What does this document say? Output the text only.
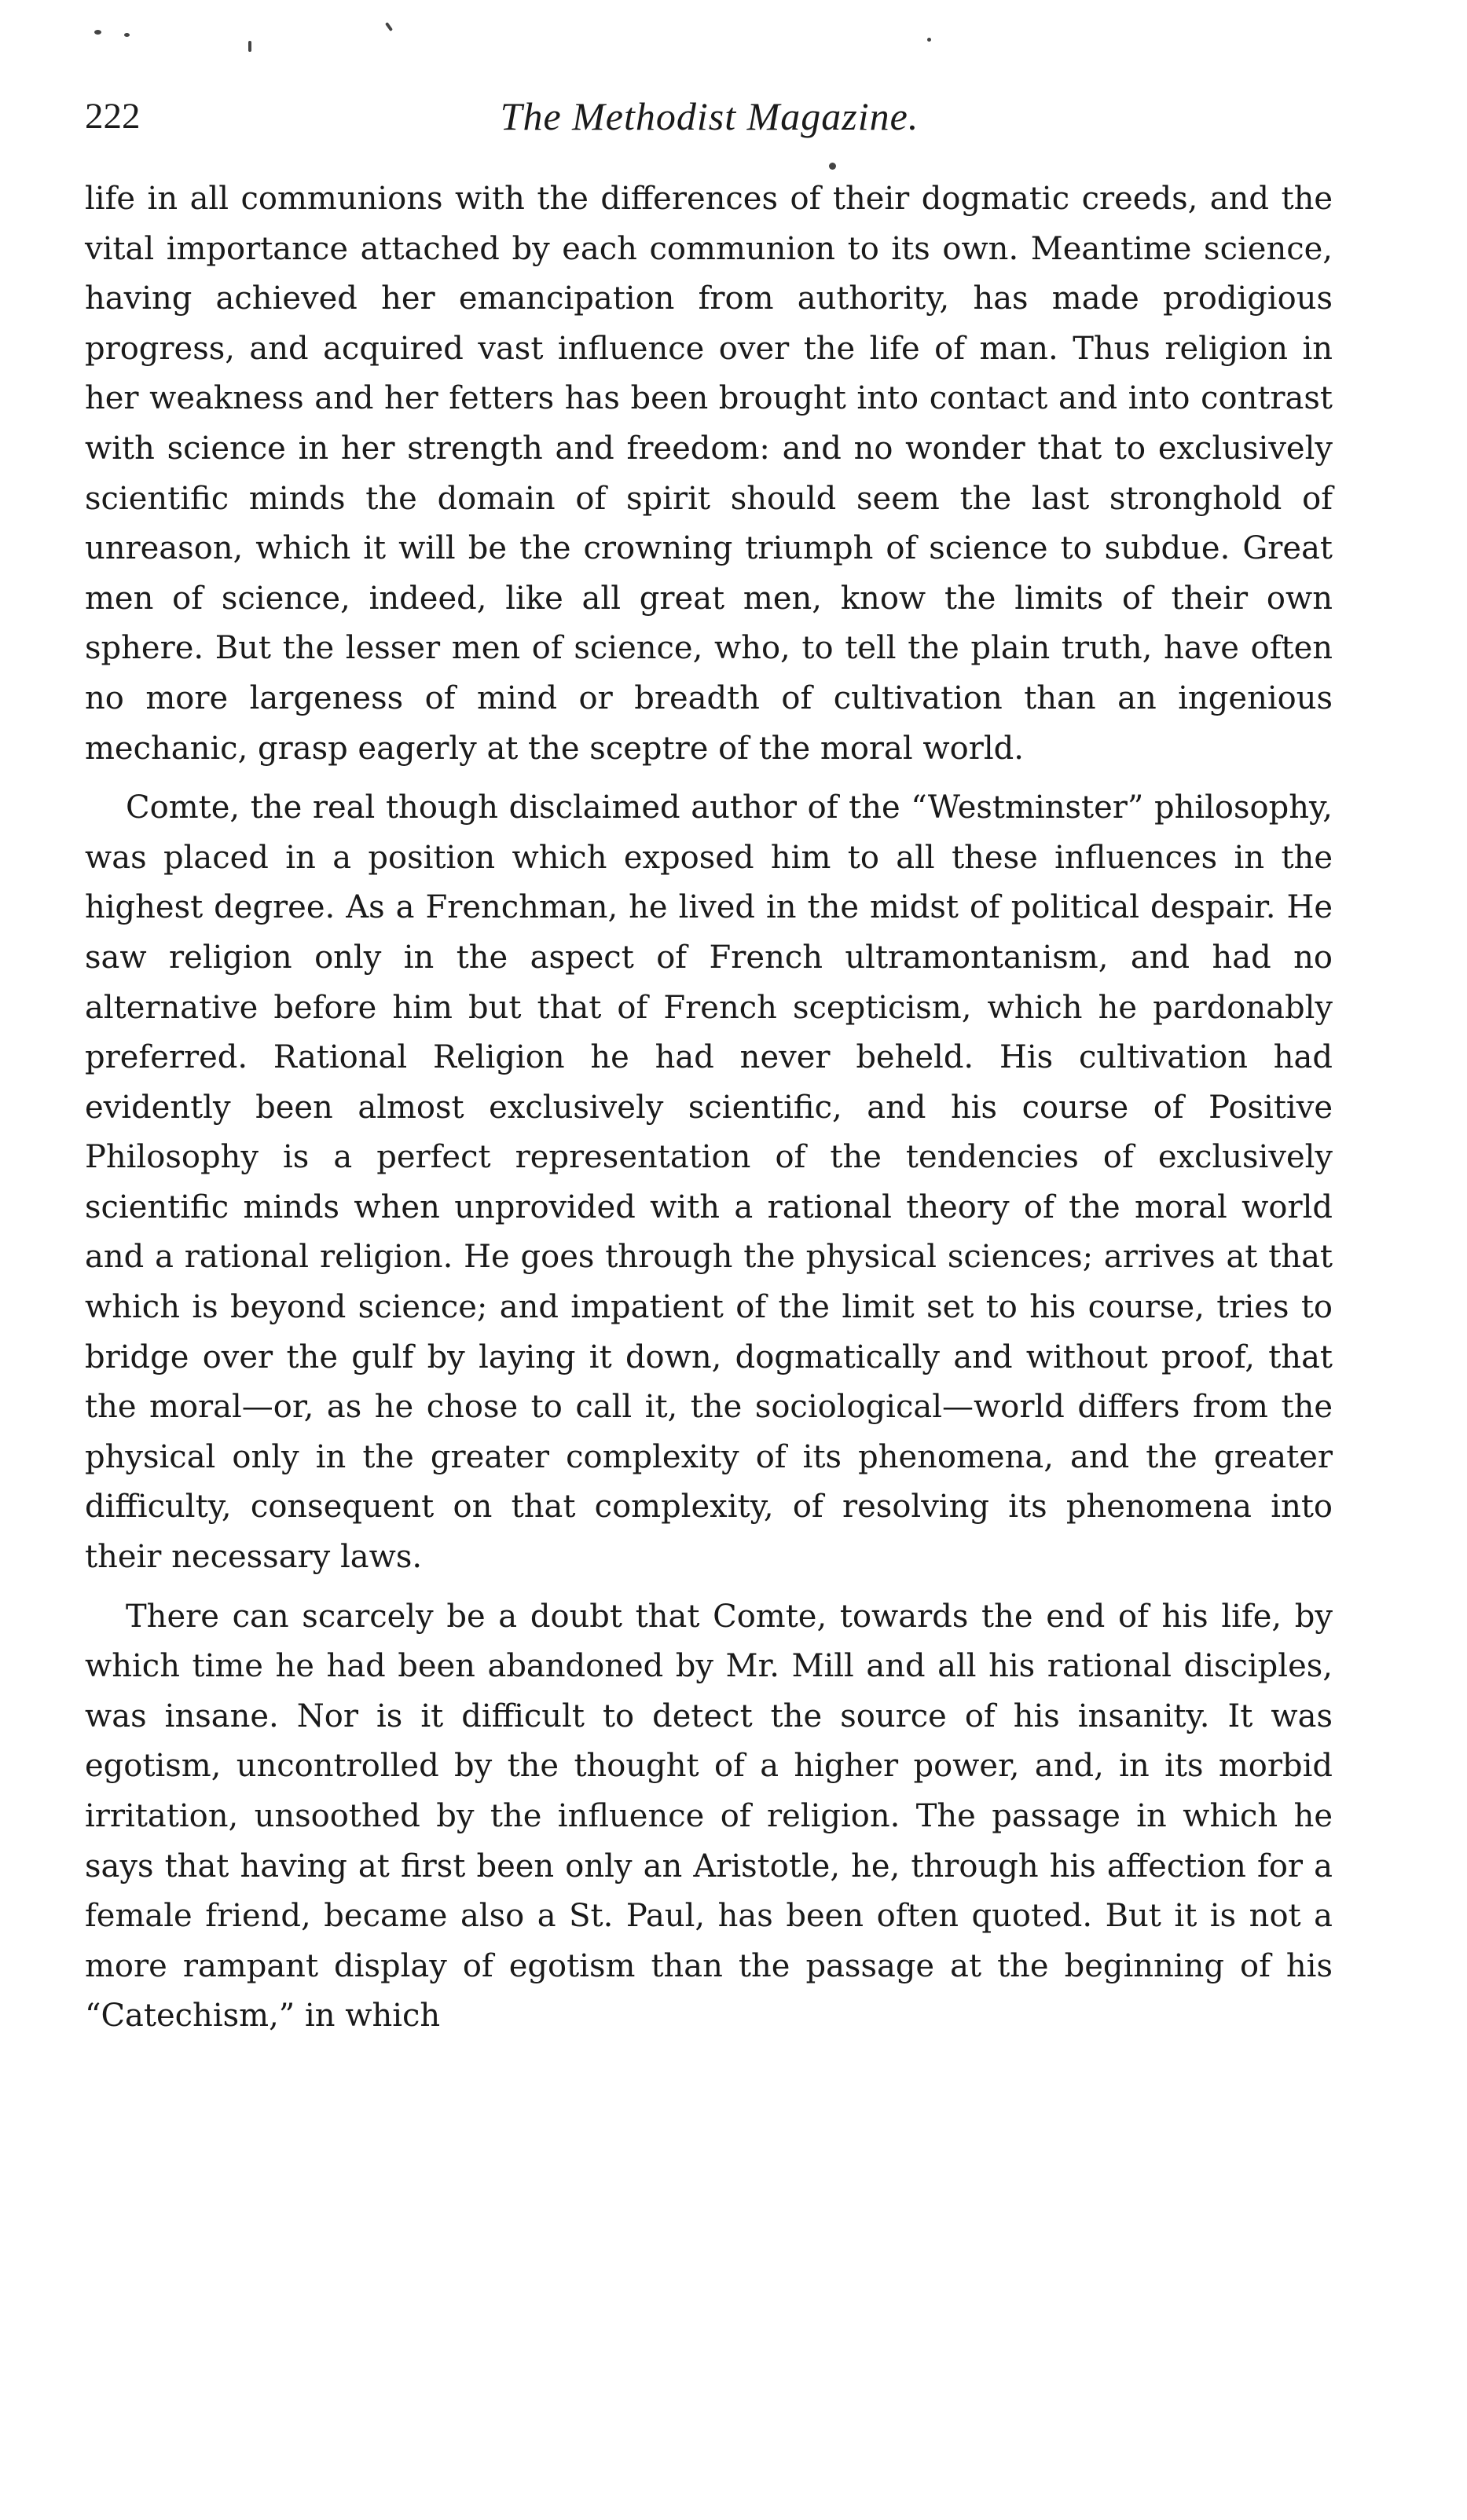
222	The Methodist Magazine.

life in all communions with the differences of their dogmatic creeds, and the vital importance attached by each communion to its own. Meantime science, having achieved her emancipation from authority, has made prodigious progress, and acquired vast influence over the life of man. Thus religion in her weakness and her fetters has been brought into contact and into contrast with science in her strength and freedom: and no wonder that to exclusively scientific minds the domain of spirit should seem the last stronghold of unreason, which it will be the crowning triumph of science to subdue. Great men of science, indeed, like all great men, know the limits of their own sphere. But the lesser men of science, who, to tell the plain truth, have often no more largeness of mind or breadth of cultivation than an ingenious mechanic, grasp eagerly at the sceptre of the moral world.

Comte, the real though disclaimed author of the “Westminster” philosophy, was placed in a position which exposed him to all these influences in the highest degree. As a Frenchman, he lived in the midst of political despair. He saw religion only in the aspect of French ultramontanism, and had no alternative before him but that of French scepticism, which he pardonably preferred. Rational Religion he had never beheld. His cultivation had evidently been almost exclusively scientific, and his course of Positive Philosophy is a perfect representation of the tendencies of exclusively scientific minds when unprovided with a rational theory of the moral world and a rational religion. He goes through the physical sciences; arrives at that which is beyond science; and impatient of the limit set to his course, tries to bridge over the gulf by laying it down, dogmatically and without proof, that the moral—or, as he chose to call it, the sociological—world differs from the physical only in the greater complexity of its phenomena, and the greater difficulty, consequent on that complexity, of resolving its phenomena into their necessary laws.

There can scarcely be a doubt that Comte, towards the end of his life, by which time he had been abandoned by Mr. Mill and all his rational disciples, was insane. Nor is it difficult to detect the source of his insanity. It was egotism, uncontrolled by the thought of a higher power, and, in its morbid irritation, unsoothed by the influence of religion. The passage in which he says that having at first been only an Aristotle, he, through his affection for a female friend, became also a St. Paul, has been often quoted. But it is not a more rampant display of egotism than the passage at the beginning of his “Catechism,” in which
